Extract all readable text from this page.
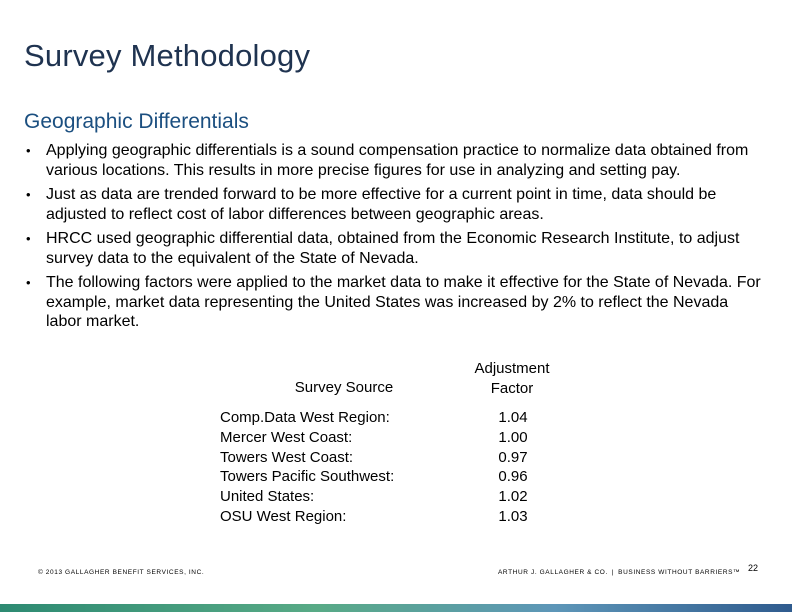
Survey Methodology
Geographic Differentials
• Applying geographic differentials is a sound compensation practice to normalize data obtained from various locations. This results in more precise figures for use in analyzing and setting pay.
• Just as data are trended forward to be more effective for a current point in time, data should be adjusted to reflect cost of labor differences between geographic areas.
• HRCC used geographic differential data, obtained from the Economic Research Institute, to adjust survey data to the equivalent of the State of Nevada.
• The following factors were applied to the market data to make it effective for the State of Nevada. For example, market data representing the United States was increased by 2% to reflect the Nevada labor market.
Survey Source
Adjustment
Factor
Comp.Data West Region:
Mercer West Coast:
Towers West Coast:
Towers Pacific Southwest:
United States:
OSU West Region:
1.04
1.00
0.97
0.96
1.02
1.03
© 2013 GALLAGHER BENEFIT SERVICES, INC.	ARTHUR J. GALLAGHER & CO. | BUSINESS WITHOUT BARRIERS™ 22
